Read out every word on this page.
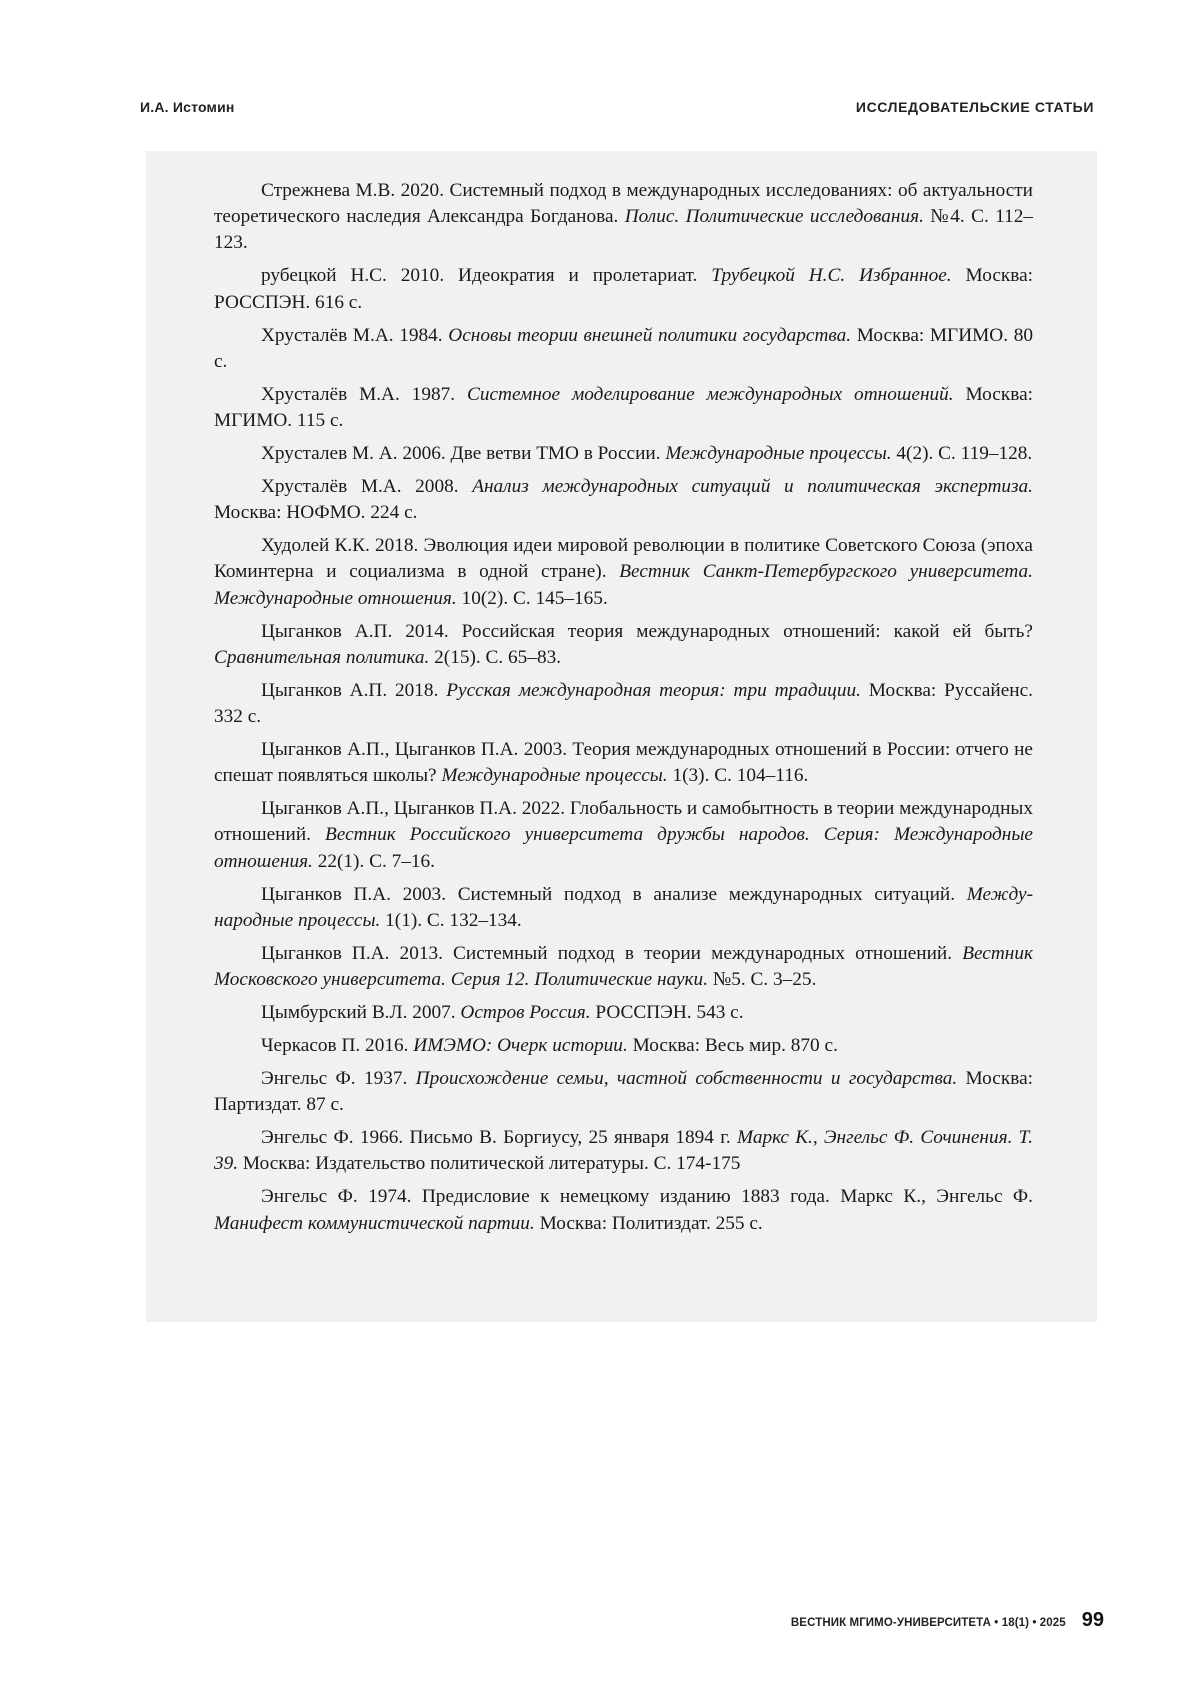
И.А. Истомин	ИССЛЕДОВАТЕЛЬСКИЕ СТАТЬИ

Стрежнева М.В. 2020. Системный подход в международных исследованиях: об акту­альности теоретического наследия Александра Богданова. Полис. Политические исследова­ния. №4. С. 112–123.

рубецкой Н.С. 2010. Идеократия и пролетариат. Трубецкой Н.С. Избранное. Москва: РОССПЭН. 616 с.

Хрусталёв М.А. 1984. Основы теории внешней политики государства. Москва: МГИМО. 80 с.

Хрусталёв М.А. 1987. Системное моделирование международных отношений. Москва: МГИМО. 115 с.

Хрусталев М. А. 2006. Две ветви ТМО в России. Международные процессы. 4(2). С. 119–128.

Хрусталёв М.А. 2008. Анализ международных ситуаций и политическая экспертиза. Москва: НОФМО. 224 с.

Худолей К.К. 2018. Эволюция идеи мировой революции в политике Советского Союза (эпоха Коминтерна и социализма в одной стране). Вестник Санкт-Петербургского универ­ситета. Международные отношения. 10(2). С. 145–165.

Цыганков А.П. 2014. Российская теория международных отношений: какой ей быть? Сравнительная политика. 2(15). С. 65–83.

Цыганков А.П. 2018. Русская международная теория: три традиции. Москва: Руссай­енс. 332 с.

Цыганков А.П., Цыганков П.А. 2003. Теория международных отношений в России: отчего не спешат появляться школы? Международные процессы. 1(3). С. 104–116.

Цыганков А.П., Цыганков П.А. 2022. Глобальность и самобытность в теории междуна­родных отношений. Вестник Российского университета дружбы народов. Серия: Междуна­родные отношения. 22(1). С. 7–16.

Цыганков П.А. 2003. Системный подход в анализе международных ситуаций. Между­народные процессы. 1(1). С. 132–134.

Цыганков П.А. 2013. Системный подход в теории международных отношений. Вест­ник Московского университета. Серия 12. Политические науки. №5. С. 3–25.

Цымбурский В.Л. 2007. Остров Россия. РОССПЭН. 543 с.

Черкасов П. 2016. ИМЭМО: Очерк истории. Москва: Весь мир. 870 с.

Энгельс Ф. 1937. Происхождение семьи, частной собственности и государства. Москва: Партиздат. 87 с.

Энгельс Ф. 1966. Письмо В. Боргиусу, 25 января 1894 г. Маркс К., Энгельс Ф. Сочинения. Т. 39. Москва: Издательство политической литературы. С. 174-175

Энгельс Ф. 1974. Предисловие к немецкому изданию 1883 года. Маркс К., Энгельс Ф. Манифест коммунистической партии. Москва: Политиздат. 255 с.

ВЕСТНИК МГИМО-УНИВЕРСИТЕТА • 18(1) • 2025 99
